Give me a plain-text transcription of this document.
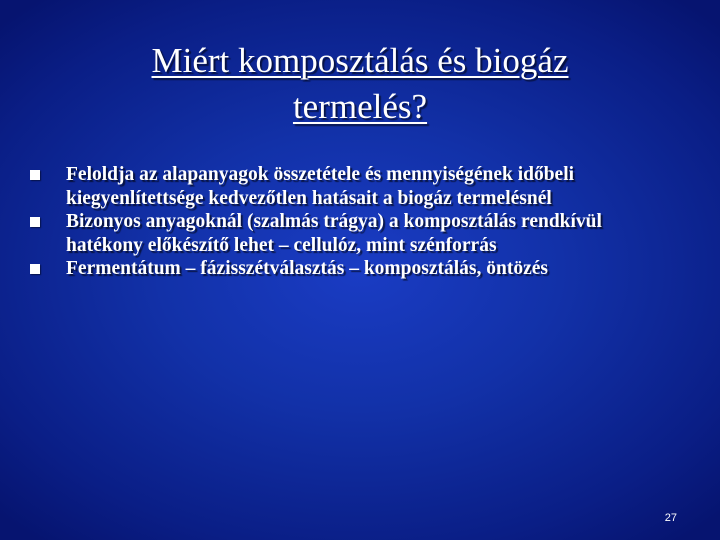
Miért komposztálás és biogáz
termelés?
Feloldja az alapanyagok összetétele és mennyiségének időbeli kiegyenlítettsége kedvezőtlen hatásait a biogáz termelésnél
Bizonyos anyagoknál (szalmás trágya) a komposztálás rendkívül hatékony előkészítő lehet – cellulóz, mint szénforrás
Fermentátum – fázisszétválasztás – komposztálás, öntözés
27
